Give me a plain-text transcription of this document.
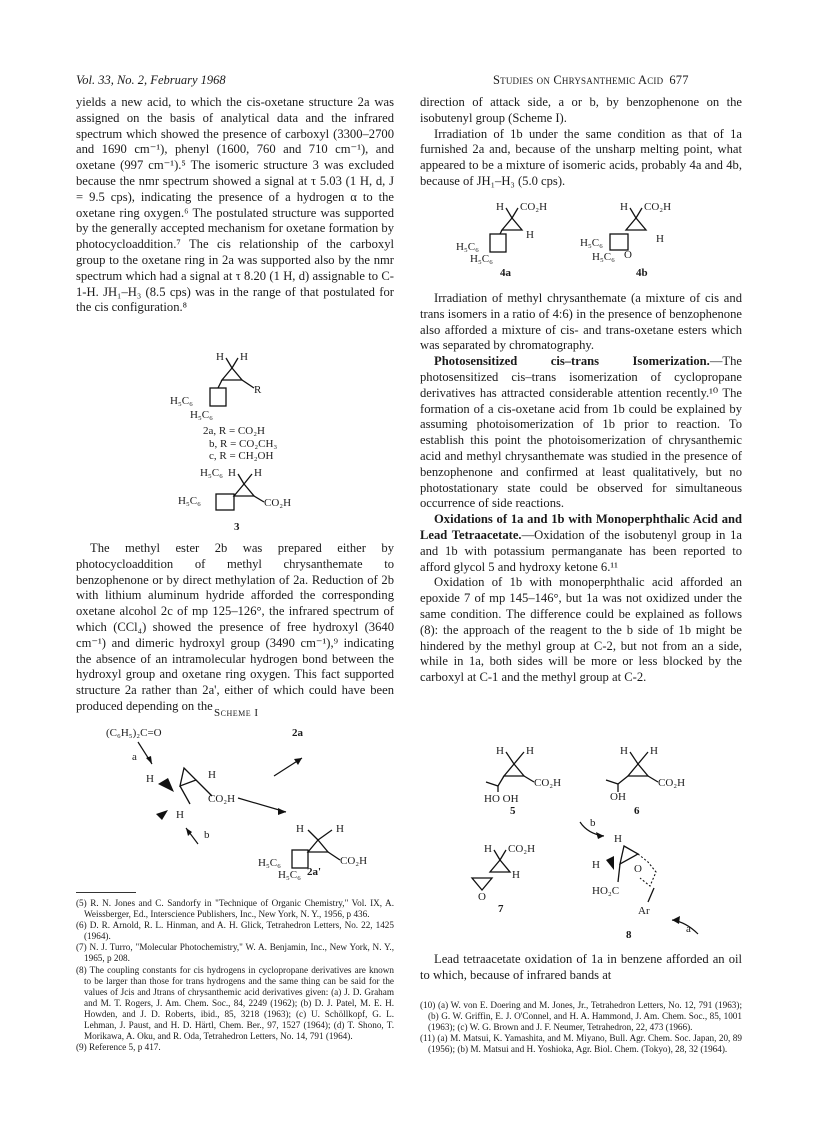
Vol. 33, No. 2, February 1968	Studies on Chrysanthemic Acid 677

yields a new acid, to which the cis-oxetane structure 2a was assigned on the basis of analytical data and the infrared spectrum which showed the presence of carboxyl (3300–2700 and 1690 cm⁻¹), phenyl (1600, 760 and 710 cm⁻¹), and oxetane (997 cm⁻¹).⁵ The isomeric structure 3 was excluded because the nmr spectrum showed a signal at τ 5.03 (1 H, d, J = 9.5 cps), indicating the presence of a hydrogen α to the oxetane ring oxygen.⁶ The postulated structure was supported by the generally accepted mechanism for oxetane formation by photocycloaddition.⁷ The cis relationship of the carboxyl group to the oxetane ring in 2a was supported also by the nmr spectrum which had a signal at τ 8.20 (1 H, d) assignable to C-1-H. JH₁–H₃ (8.5 cps) was in the range of that postulated for the cis configuration.⁸

H H
R
H₅C₆
H₅C₆
2a, R = CO₂H
b, R = CO₂CH₃
c, R = CH₂OH
H₅C₆ H H
CO₂H
H₅C₆
3

The methyl ester 2b was prepared either by photocycloaddition of methyl chrysanthemate to benzophenone or by direct methylation of 2a. Reduction of 2b with lithium aluminum hydride afforded the corresponding oxetane alcohol 2c of mp 125–126°, the infrared spectrum of which (CCl₄) showed the presence of free hydroxyl (3640 cm⁻¹) and dimeric hydroxyl group (3490 cm⁻¹),⁹ indicating the absence of an intramolecular hydrogen bond between the hydroxyl group and oxetane ring oxygen. This fact supported structure 2a rather than 2a', either of which could have been produced depending on the

Scheme I
(C₆H₅)₂C=O	2a
a
H	H
CO₂H
H
b	H	H
CO₂H
H₅C₆
H₅C₆ 2a'

(5) R. N. Jones and C. Sandorfy in "Technique of Organic Chemistry," Vol. IX, A. Weissberger, Ed., Interscience Publishers, Inc., New York, N. Y., 1956, p 436.

(6) D. R. Arnold, R. L. Hinman, and A. H. Glick, Tetrahedron Letters, No. 22, 1425 (1964).

(7) N. J. Turro, "Molecular Photochemistry," W. A. Benjamin, Inc., New York, N. Y., 1965, p 208.

(8) The coupling constants for cis hydrogens in cyclopropane derivatives are known to be larger than those for trans hydrogens and the same thing can be said for the values of Jcis and Jtrans of chrysanthemic acid derivatives given: (a) J. D. Graham and M. T. Rogers, J. Am. Chem. Soc., 84, 2249 (1962); (b) D. J. Patel, M. E. H. Howden, and J. D. Roberts, ibid., 85, 3218 (1963); (c) U. Schöllkopf, G. L. Lehman, J. Paust, and H. D. Härtl, Chem. Ber., 97, 1527 (1964); (d) T. Shono, T. Morikawa, A. Oku, and R. Oda, Tetrahedron Letters, No. 14, 791 (1964).

(9) Reference 5, p 417.

direction of attack side, a or b, by benzophenone on the isobutenyl group (Scheme I).

Irradiation of 1b under the same condition as that of 1a furnished 2a and, because of the unsharp melting point, what appeared to be a mixture of isomeric acids, probably 4a and 4b, because of JH₁–H₃ (5.0 cps).

H CO₂H
H
H₅C₆
H₅C₆
4a
H CO₂H
H
O
H₅C₆
H₅C₆
4b

Irradiation of methyl chrysanthemate (a mixture of cis and trans isomers in a ratio of 4:6) in the presence of benzophenone also afforded a mixture of cis- and trans-oxetane esters which was separated by chromatography.

Photosensitized cis–trans Isomerization.—The photosensitized cis–trans isomerization of cyclopropane derivatives has attracted considerable attention recently.¹⁰ The formation of a cis-oxetane acid from 1b could be explained by assuming photoisomerization of 1b prior to reaction. To establish this point the photoisomerization of chrysanthemic acid and methyl chrysanthemate was studied in the presence of benzophenone and confirmed at least qualitatively, but no photostationary state could be observed for simultaneous occurrence of side reactions.

Oxidations of 1a and 1b with Monoperphthalic Acid and Lead Tetraacetate.—Oxidation of the isobutenyl group in 1a and 1b with potassium permanganate has been reported to afford glycol 5 and hydroxy ketone 6.¹¹

Oxidation of 1b with monoperphthalic acid afforded an epoxide 7 of mp 145–146°, but 1a was not oxidized under the same condition. The difference could be explained as follows (8): the approach of the reagent to the b side of 1b might be hindered by the methyl group at C-2, but not from an a side, while in 1a, both sides will be more or less blocked by the carboxyl at C-1 and the methyl group at C-2.

H H
CO₂H
HO OH
5
H H
CO₂H
OH
6
H CO₂H
H
O
7
b
H
H	O
HO₂C
Ar
a
8

Lead tetraacetate oxidation of 1a in benzene afforded an oil to which, because of infrared bands at

(10) (a) W. von E. Doering and M. Jones, Jr., Tetrahedron Letters, No. 12, 791 (1963); (b) G. W. Griffin, E. J. O'Connel, and H. A. Hammond, J. Am. Chem. Soc., 85, 1001 (1963); (c) W. G. Brown and J. F. Neumer, Tetrahedron, 22, 473 (1966).

(11) (a) M. Matsui, K. Yamashita, and M. Miyano, Bull. Agr. Chem. Soc. Japan, 20, 89 (1956); (b) M. Matsui and H. Yoshioka, Agr. Biol. Chem. (Tokyo), 28, 32 (1964).
